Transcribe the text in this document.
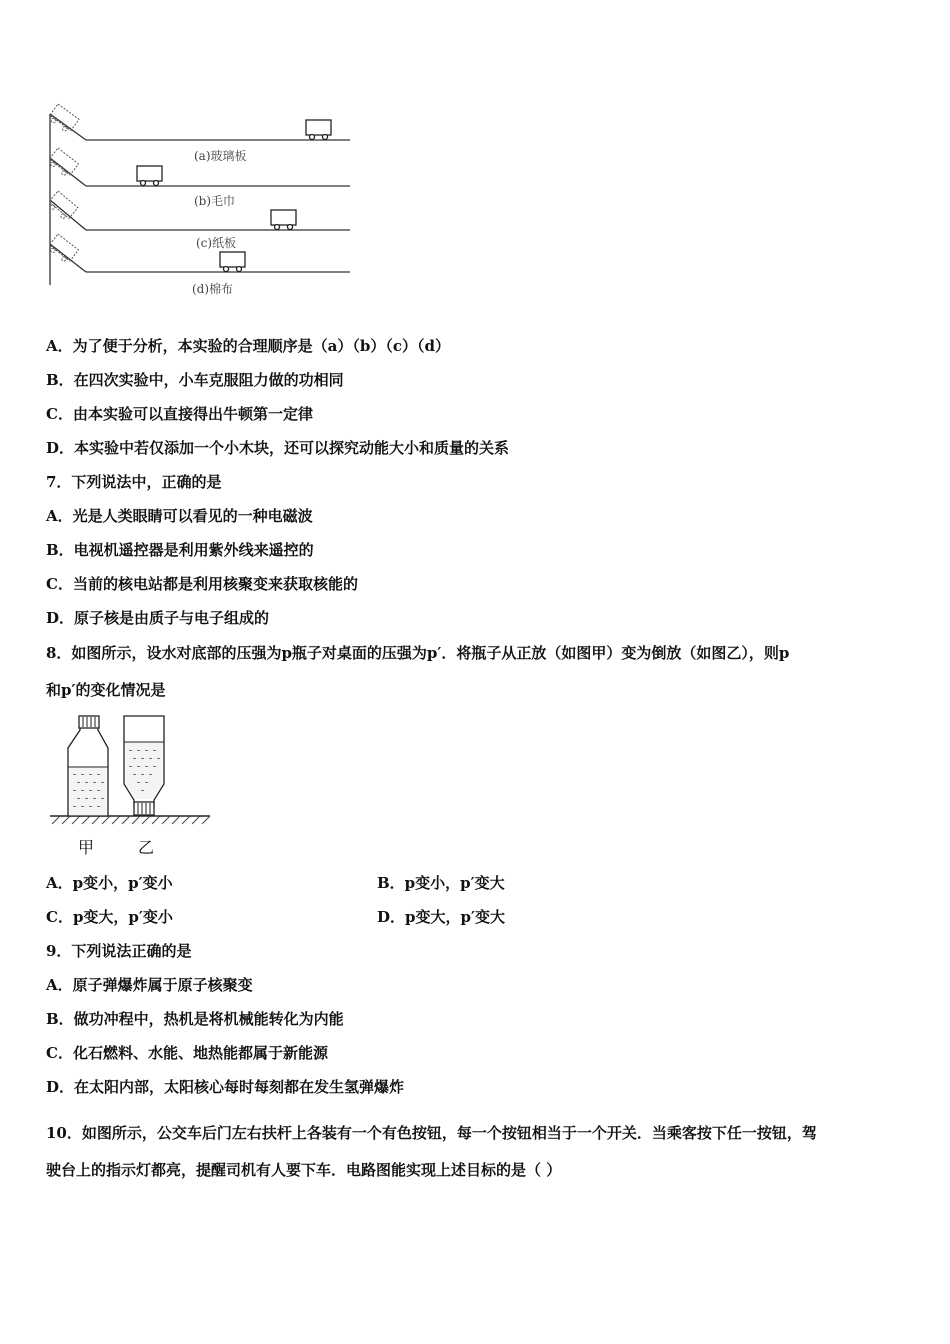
(a)玻璃板
(b)毛巾
(c)纸板
(d)棉布
A．为了便于分析，本实验的合理顺序是（a）（b）（c）（d）
B．在四次实验中，小车克服阻力做的功相同
C．由本实验可以直接得出牛顿第一定律
D．本实验中若仅添加一个小木块，还可以探究动能大小和质量的关系
7．下列说法中，正确的是
A．光是人类眼睛可以看见的一种电磁波
B．电视机遥控器是利用紫外线来遥控的
C．当前的核电站都是利用核聚变来获取核能的
D．原子核是由质子与电子组成的
8．如图所示，设水对底部的压强为p瓶子对桌面的压强为p′．将瓶子从正放（如图甲）变为倒放（如图乙），则p
和p′的变化情况是
甲	乙
A．p变小，p′变小	B．p变小，p′变大
C．p变大，p′变小	D．p变大，p′变大
9．下列说法正确的是
A．原子弹爆炸属于原子核聚变
B．做功冲程中，热机是将机械能转化为内能
C．化石燃料、水能、地热能都属于新能源
D．在太阳内部，太阳核心每时每刻都在发生氢弹爆炸
10．如图所示，公交车后门左右扶杆上各装有一个有色按钮，每一个按钮相当于一个开关．当乘客按下任一按钮，驾
驶台上的指示灯都亮，提醒司机有人要下车．电路图能实现上述目标的是（ ）
